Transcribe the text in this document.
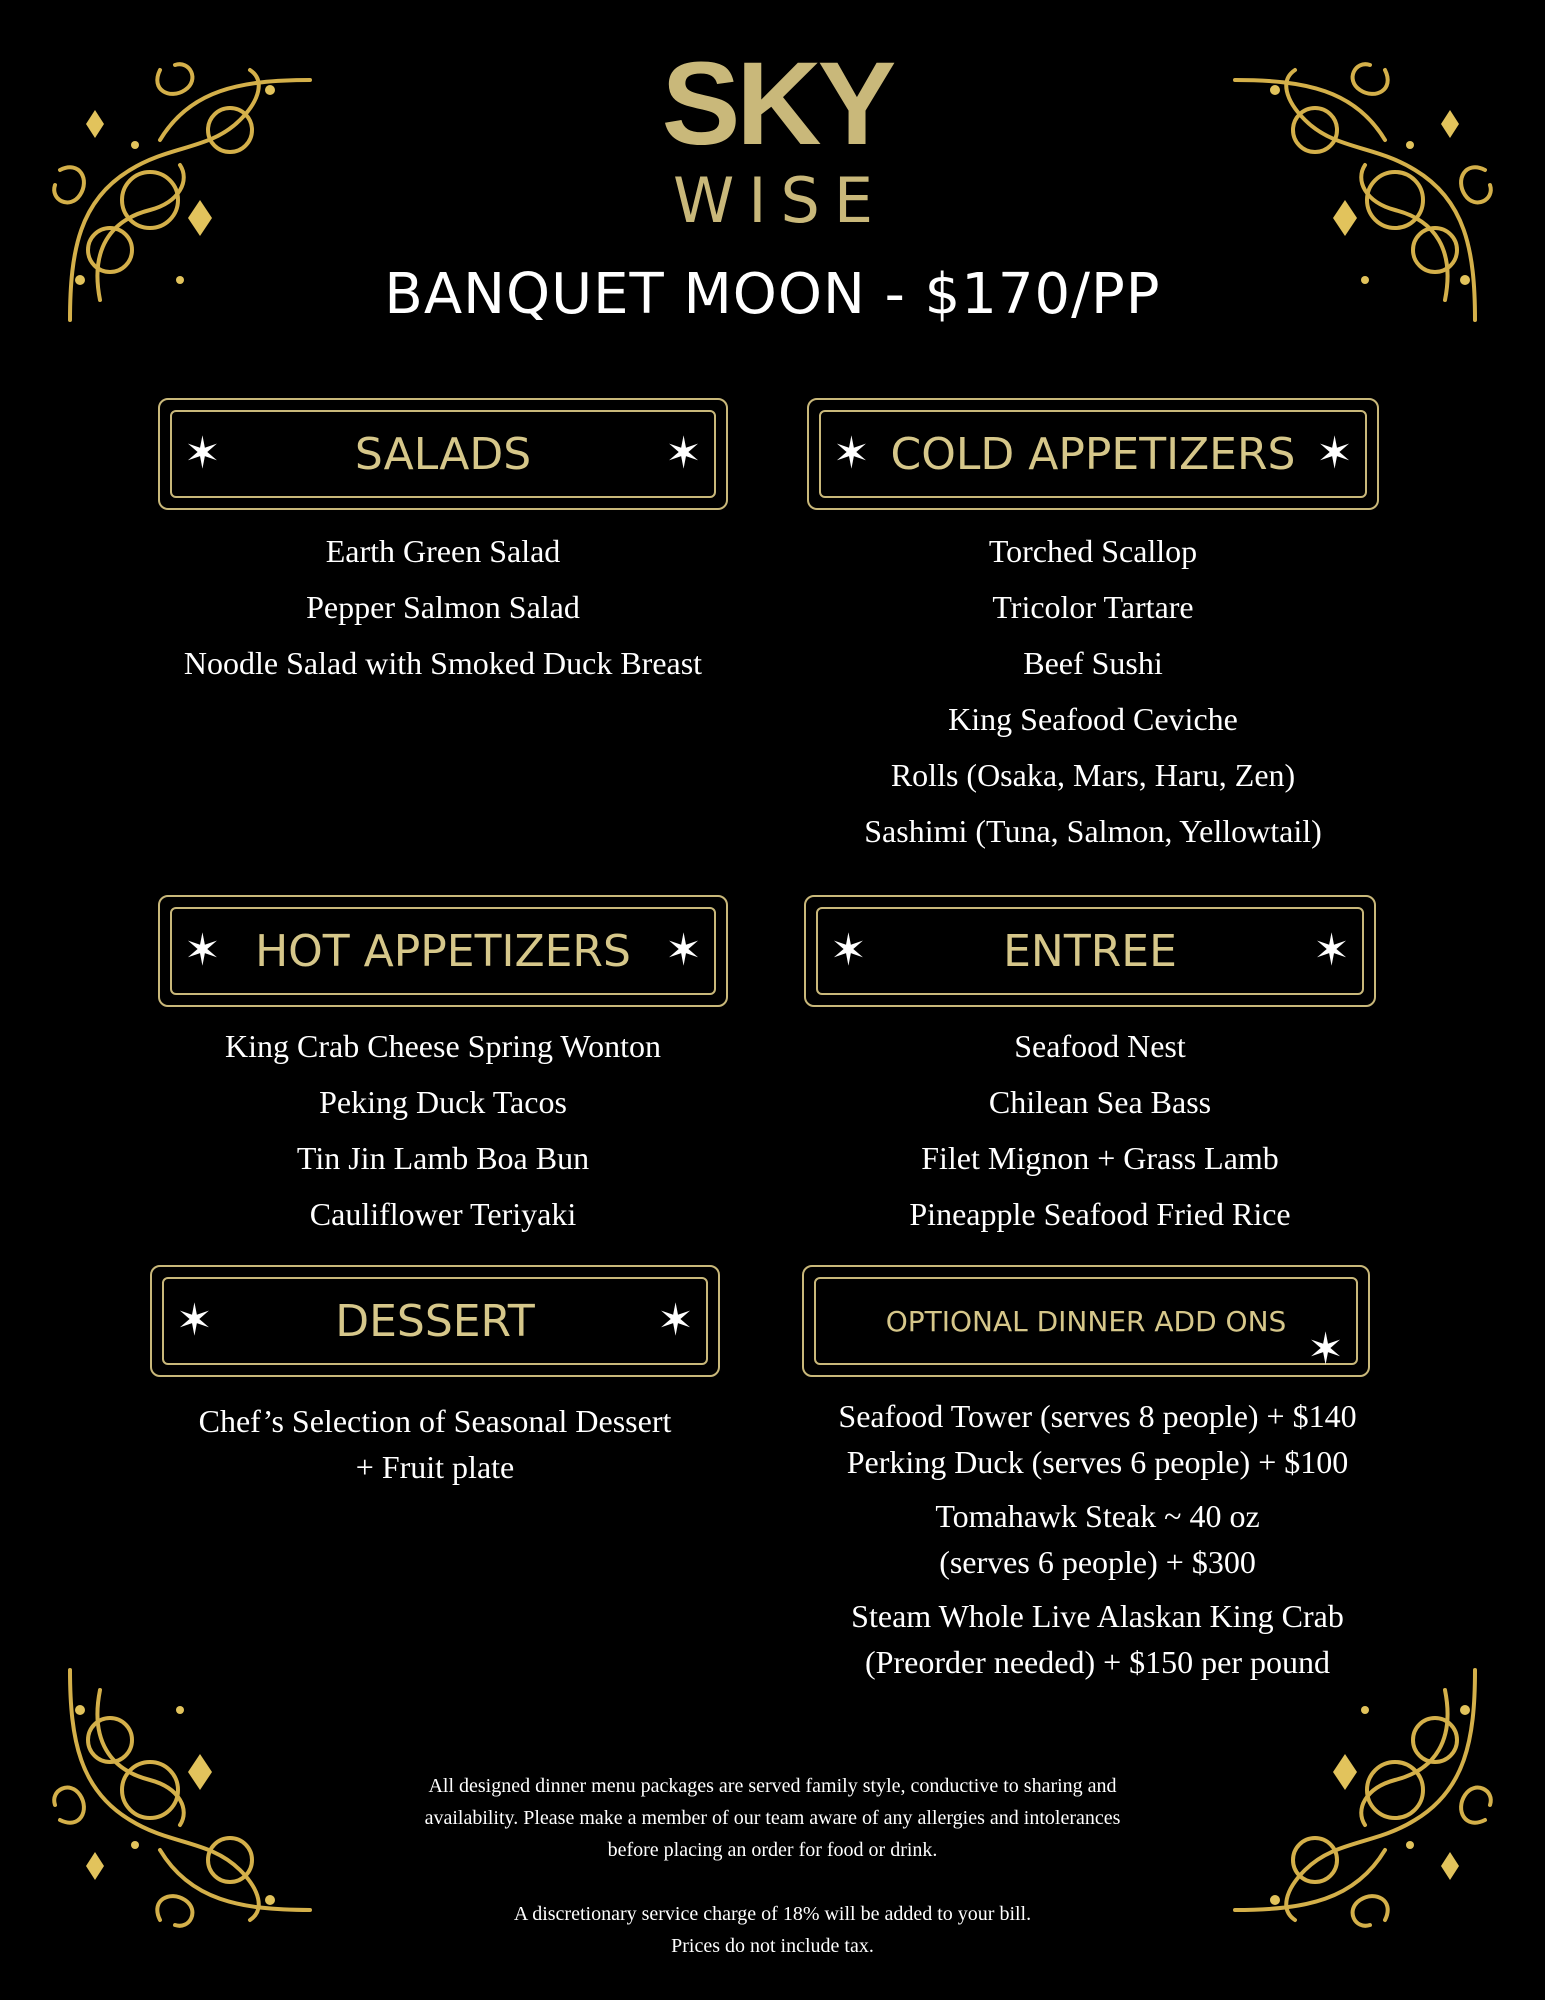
SKY
WISE
BANQUET MOON - $170/PP
✶	SALADS	✶
Earth Green Salad
Pepper Salmon Salad
Noodle Salad with Smoked Duck Breast
✶ COLD APPETIZERS ✶
Torched Scallop
Tricolor Tartare
Beef Sushi
King Seafood Ceviche
Rolls (Osaka, Mars, Haru, Zen)
Sashimi (Tuna, Salmon, Yellowtail)
✶ HOT APPETIZERS ✶
King Crab Cheese Spring Wonton
Peking Duck Tacos
Tin Jin Lamb Boa Bun
Cauliflower Teriyaki
✶	ENTREE	✶
Seafood Nest
Chilean Sea Bass
Filet Mignon + Grass Lamb
Pineapple Seafood Fried Rice
✶	DESSERT	✶
Chef’s Selection of Seasonal Dessert
+ Fruit plate
OPTIONAL DINNER ADD ONS
✶
Seafood Tower (serves 8 people) + $140
Perking Duck (serves 6 people) + $100
Tomahawk Steak ~ 40 oz
(serves 6 people) + $300
Steam Whole Live Alaskan King Crab
(Preorder needed) + $150 per pound
All designed dinner menu packages are served family style, conductive to sharing and
availability. Please make a member of our team aware of any allergies and intolerances
before placing an order for food or drink.
A discretionary service charge of 18% will be added to your bill.
Prices do not include tax.
